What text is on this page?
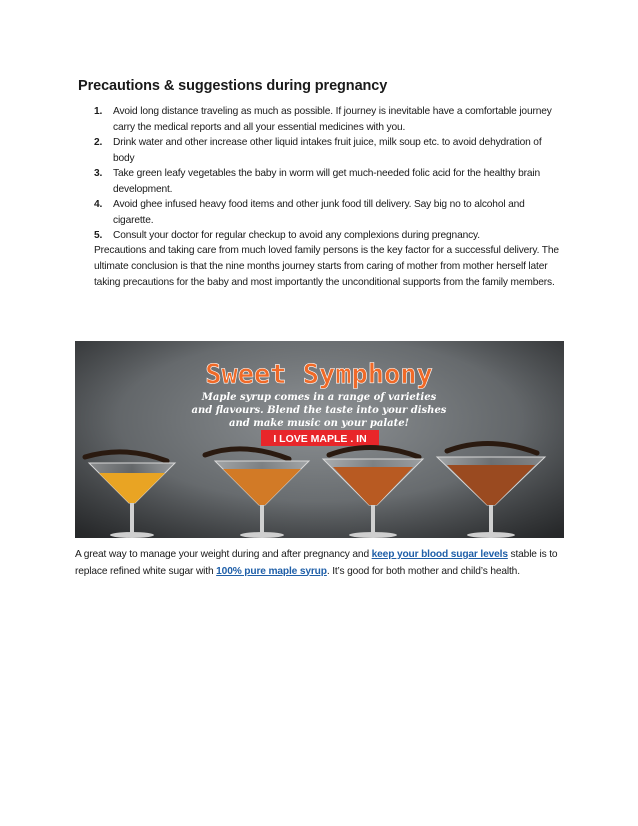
Precautions & suggestions during pregnancy
1. Avoid long distance traveling as much as possible. If journey is inevitable have a comfortable journey carry the medical reports and all your essential medicines with you.
2. Drink water and other increase other liquid intakes fruit juice, milk soup etc. to avoid dehydration of body
3. Take green leafy vegetables the baby in worm will get much-needed folic acid for the healthy brain development.
4. Avoid ghee infused heavy food items and other junk food till delivery. Say big no to alcohol and cigarette.
5. Consult your doctor for regular checkup to avoid any complexions during pregnancy.

Precautions and taking care from much loved family persons is the key factor for a successful delivery. The ultimate conclusion is that the nine months journey starts from caring of mother from mother herself later taking precautions for the baby and most importantly the unconditional supports from the family members.

Sweet Symphony
Maple syrup comes in a range of varieties
and flavours. Blend the taste into your dishes
and make music on your palate!
I LOVE MAPLE . IN

A great way to manage your weight during and after pregnancy and keep your blood sugar levels stable is to replace refined white sugar with 100% pure maple syrup. It’s good for both mother and child’s health.
